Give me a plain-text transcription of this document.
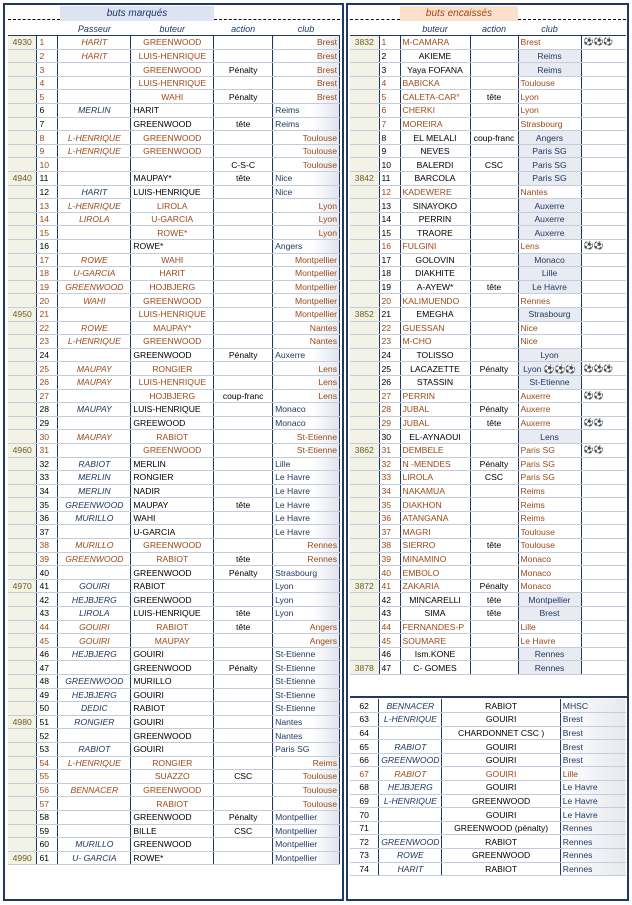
buts marqués
		Passeur	buteur	action	club
4930	1	HARIT	GREENWOOD		Brest
	2	HARIT	LUIS-HENRIQUE		Brest
	3		GREENWOOD	Pénalty	Brest
	4		LUIS-HENRIQUE		Brest
	5		WAHI	Pénalty	Brest
	6	MERLIN	HARIT		Reims
	7		GREENWOOD	tête	Reims
	8	L-HENRIQUE	GREENWOOD		Toulouse
	9	L-HENRIQUE	GREENWOOD		Toulouse
	10			C-S-C	Toulouse
4940	11		MAUPAY*	tête	Nice
	12	HARIT	LUIS-HENRIQUE		Nice
	13	L-HENRIQUE	LIROLA		Lyon
	14	LIROLA	U-GARCIA		Lyon
	15		ROWE*		Lyon
	16		ROWE*		Angers
	17	ROWE	WAHI		Montpellier
	18	U-GARCIA	HARIT		Montpellier
	19	GREENWOOD	HOJBJERG		Montpellier
	20	WAHI	GREENWOOD		Montpellier
4950	21		LUIS-HENRIQUE		Montpellier
	22	ROWE	MAUPAY*		Nantes
	23	L-HENRIQUE	GREENWOOD		Nantes
	24		GREENWOOD	Pénalty	Auxerre
	25	MAUPAY	RONGIER		Lens
	26	MAUPAY	LUIS-HENRIQUE		Lens
	27		HOJBJERG	coup-franc	Lens
	28	MAUPAY	LUIS-HENRIQUE		Monaco
	29		GREEWOOD		Monaco
	30	MAUPAY	RABIOT		St-Etienne
4960	31		GREENWOOD		St-Etienne
	32	RABIOT	MERLIN		Lille
	33	MERLIN	RONGIER		Le Havre
	34	MERLIN	NADIR		Le Havre
	35	GREENWOOD	MAUPAY	tête	Le Havre
	36	MURILLO	WAHI		Le Havre
	37		U-GARCIA		Le Havre
	38	MURILLO	GREENWOOD		Rennes
	39	GREENWOOD	RABIOT	tête	Rennes
	40		GREENWOOD	Pénalty	Strasbourg
4970	41	GOUIRI	RABIOT		Lyon
	42	HEJBJERG	GREENWOOD		Lyon
	43	LIROLA	LUIS-HENRIQUE	tête	Lyon
	44	GOUIRI	RABIOT	tête	Angers
	45	GOUIRI	MAUPAY		Angers
	46	HEJBJERG	GOUIRI		St-Etienne
	47		GREENWOOD	Pénalty	St-Etienne
	48	GREENWOOD	MURILLO		St-Etienne
	49	HEJBJERG	GOUIRI		St-Etienne
	50	DEDIC	RABIOT		St-Etienne
4980	51	RONGIER	GOUIRI		Nantes
	52		GREENWOOD		Nantes
	53	RABIOT	GOUIRI		Paris SG
	54	L-HENRIQUE	RONGIER		Reims
	55		SUAZZO	CSC	Toulouse
	56	BENNACER	GREENWOOD		Toulouse
	57		RABIOT		Toulouse
	58		GREENWOOD	Pénalty	Montpellier
	59		BILLE	CSC	Montpellier
	60	MURILLO	GREENWOOD		Montpellier
4990	61	U- GARCIA	ROWE*		Montpellier
buts encaissés
		buteur	action	club	
3832	1	M-CAMARA		Brest	⚽⚽⚽
	2	AKIEME		Reims	
	3	Yaya FOFANA		Reims	
	4	BABICKA		Toulouse	
	5	CALETA-CAR°	tête	Lyon	
	6	CHERKI		Lyon	
	7	MOREIRA		Strasbourg	
	8	EL MELALI	coup-franc	Angers	
	9	NEVES		Paris SG	
	10	BALERDI	CSC	Paris SG	
3842	11	BARCOLA		Paris SG	
	12	KADEWERE		Nantes	
	13	SINAYOKO		Auxerre	
	14	PERRIN		Auxerre	
	15	TRAORE		Auxerre	
	16	FULGINI		Lens	⚽⚽
	17	GOLOVIN		Monaco	
	18	DIAKHITE		Lille	
	19	A-AYEW*	tête	Le Havre	
	20	KALIMUENDO		Rennes	
3852	21	EMEGHA		Strasbourg	
	22	GUESSAN		Nice	
	23	M-CHO		Nice	
	24	TOLISSO		Lyon	
	25	LACAZETTE	Pénalty	Lyon ⚽⚽⚽	⚽⚽⚽
	26	STASSIN		St-Etienne	
	27	PERRIN		Auxerre	⚽⚽
	28	JUBAL	Pénalty	Auxerre	
	29	JUBAL	tête	Auxerre	⚽⚽
	30	EL-AYNAOUI		Lens	
3862	31	DEMBELE		Paris SG	⚽⚽
	32	N -MENDES	Pénalty	Paris SG	
	33	LIROLA	CSC	Paris SG	
	34	NAKAMUA		Reims	
	35	DIAKHON		Reims	
	36	ATANGANA		Reims	
	37	MAGRI		Toulouse	
	38	SIERRO	tête	Toulouse	
	39	MINAMINO		Monaco	
	40	EMBOLO		Monaco	
3872	41	ZAKARIA	Pénalty	Monaco	
	42	MINCARELLI	tête	Montpellier	
	43	SIMA	tête	Brest	
	44	FERNANDES-P		Lille	
	45	SOUMARE		Le Havre	
	46	Ism.KONE		Rennes	
3878	47	C- GOMES		Rennes	
62	BENNACER	RABIOT	MHSC
63	L-HENRIQUE	GOUIRI	Brest
64		CHARDONNET CSC )	Brest
65	RABIOT	GOUIRI	Brest
66	GREENWOOD	GOUIRI	Brest
67	RABIOT	GOUIRI	Lille
68	HEJBJERG	GOUIRI	Le Havre
69	L-HENRIQUE	GREENWOOD	Le Havre
70		GOUIRI	Le Havre
71		GREENWOOD (pénalty)	Rennes
72	GREENWOOD	RABIOT	Rennes
73	ROWE	GREENWOOD	Rennes
74	HARIT	RABIOT	Rennes
